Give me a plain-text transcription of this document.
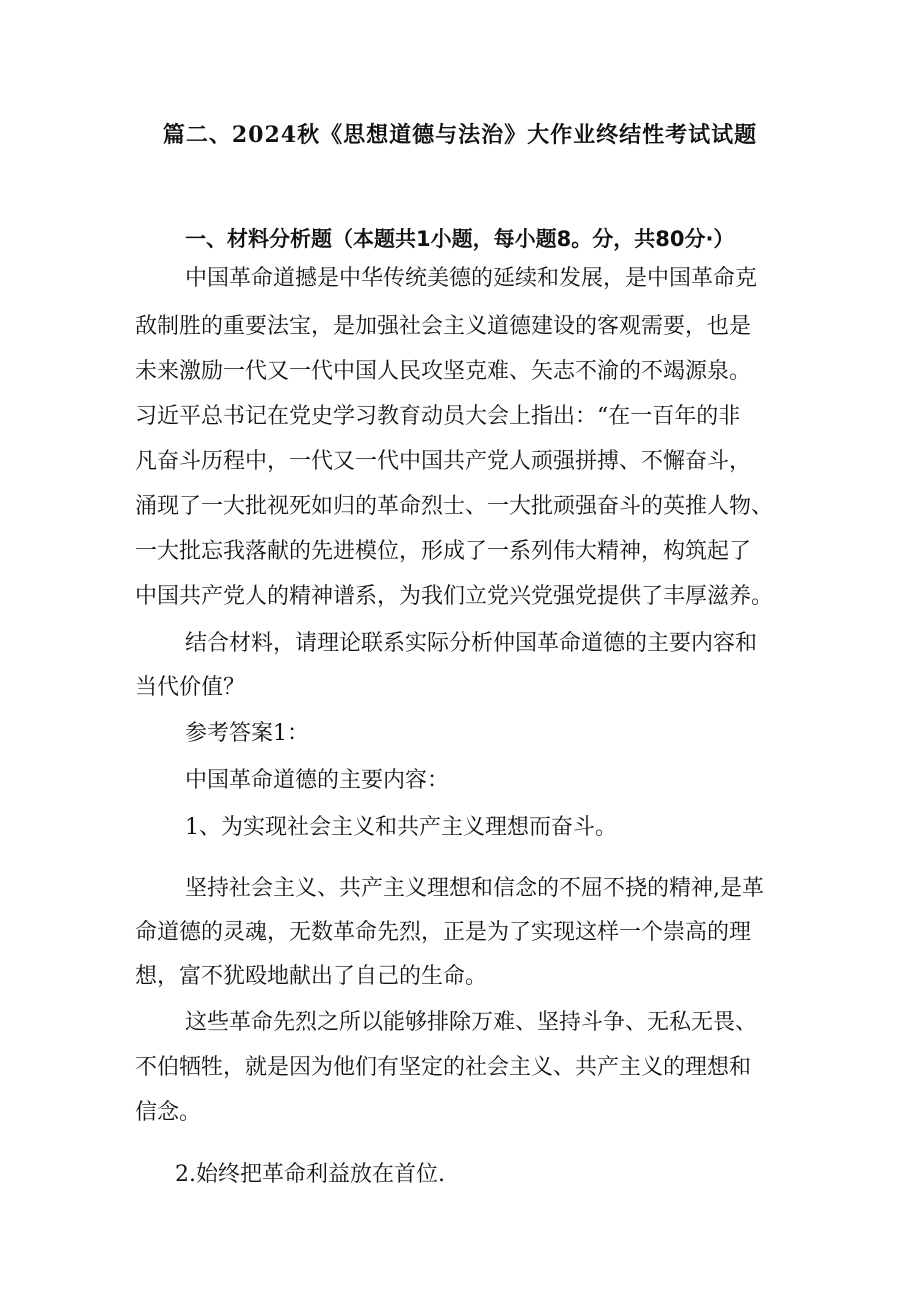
篇二、2024秋《思想道德与法治》大作业终结性考试试题
一、材料分析题（本题共1小题，每小题8。分，共80分·）
中国革命道撼是中华传统美德的延续和发展，是中国革命克
敌制胜的重要法宝，是加强社会主义道德建设的客观需要，也是
未来激励一代又一代中国人民攻坚克难、矢志不渝的不竭源泉。
习近平总书记在党史学习教育动员大会上指出：“在一百年的非
凡奋斗历程中，一代又一代中国共产党人顽强拼搏、不懈奋斗，
涌现了一大批视死如归的革命烈士、一大批顽强奋斗的英推人物、
一大批忘我落献的先进模位，形成了一系列伟大精神，构筑起了
中国共产党人的精神谱系，为我们立党兴党强党提供了丰厚滋养。
结合材料，请理论联系实际分析仲国革命道德的主要内容和
当代价值？
参考答案1：
中国革命道德的主要内容：
1、为实现社会主义和共产主义理想而奋斗。
坚持社会主义、共产主义理想和信念的不屈不挠的精神,是革
命道德的灵魂，无数革命先烈，正是为了实现这样一个崇高的理
想，富不犹殴地献出了自己的生命。
这些革命先烈之所以能够排除万难、坚持斗争、无私无畏、
不伯牺牲，就是因为他们有坚定的社会主义、共产主义的理想和
信念。
2.始终把革命利益放在首位.
